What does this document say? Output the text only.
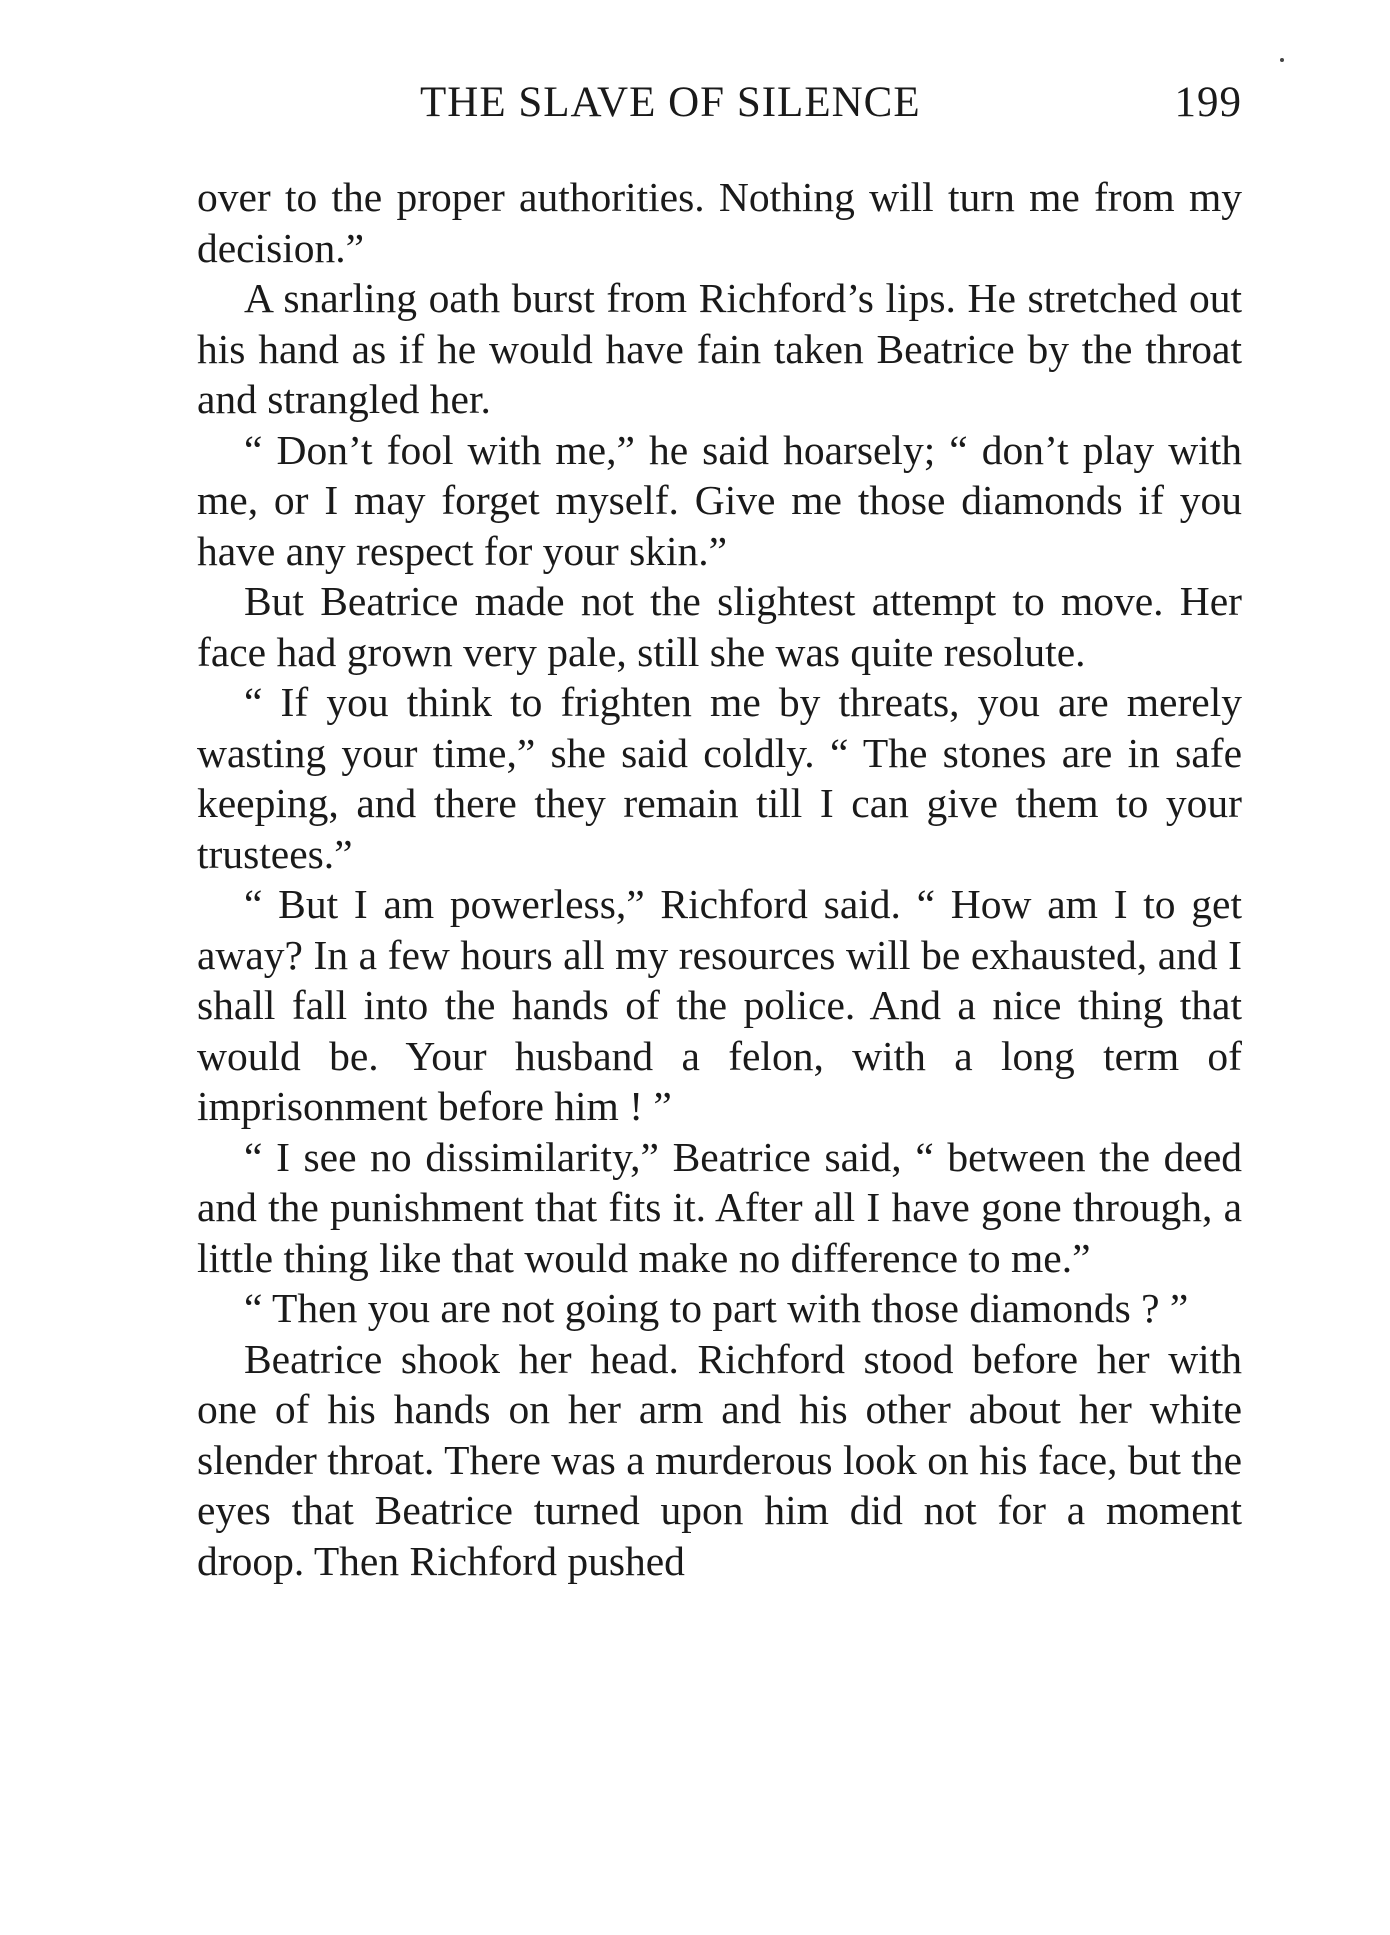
THE SLAVE OF SILENCE	199

over to the proper authorities. Nothing will turn me from my decision.”

A snarling oath burst from Richford’s lips. He stretched out his hand as if he would have fain taken Beatrice by the throat and strangled her.

“ Don’t fool with me,” he said hoarsely; “ don’t play with me, or I may forget myself. Give me those diamonds if you have any respect for your skin.”

But Beatrice made not the slightest attempt to move. Her face had grown very pale, still she was quite resolute.

“ If you think to frighten me by threats, you are merely wasting your time,” she said coldly. “ The stones are in safe keeping, and there they remain till I can give them to your trustees.”

“ But I am powerless,” Richford said. “ How am I to get away? In a few hours all my resources will be exhausted, and I shall fall into the hands of the police. And a nice thing that would be. Your husband a felon, with a long term of imprisonment before him ! ”

“ I see no dissimilarity,” Beatrice said, “ between the deed and the punishment that fits it. After all I have gone through, a little thing like that would make no difference to me.”

“ Then you are not going to part with those diamonds ? ”

Beatrice shook her head. Richford stood before her with one of his hands on her arm and his other about her white slender throat. There was a murderous look on his face, but the eyes that Beatrice turned upon him did not for a moment droop. Then Richford pushed
